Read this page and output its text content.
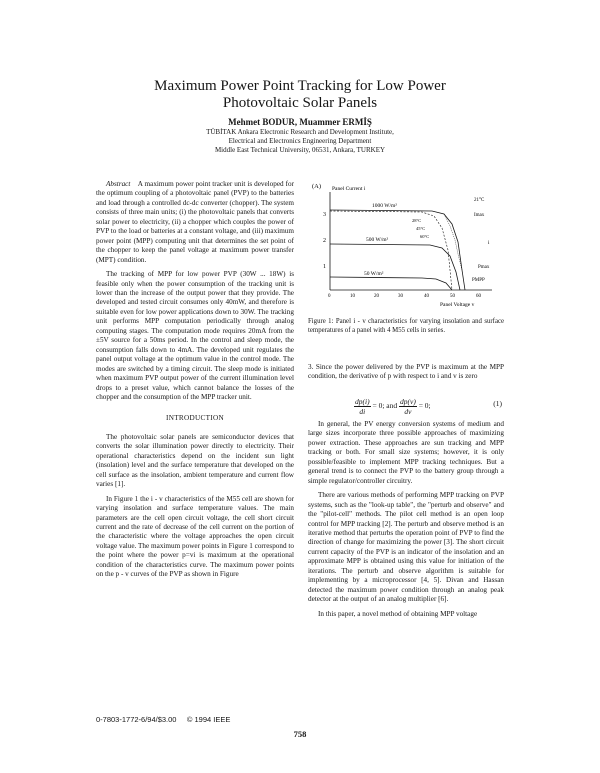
Maximum Power Point Tracking for Low Power
Photovoltaic Solar Panels
Mehmet BODUR, Muammer ERMİŞ
TÜBİTAK Ankara Electronic Research and Development Institute,
Electrical and Electronics Engineering Department
Middle East Technical University, 06531, Ankara, TURKEY

Abstract A maximum power point tracker unit is developed for the optimum coupling of a photovoltaic panel (PVP) to the batteries and load through a controlled dc-dc converter (chopper). The system consists of three main units; (i) the photovoltaic panels that converts solar power to electricity, (ii) a chopper which couples the power of PVP to the load or batteries at a constant voltage, and (iii) maximum power point (MPP) computing unit that determines the set point of the chopper to keep the panel voltage at maximum power transfer (MPT) condition.

The tracking of MPP for low power PVP (30W ... 18W) is feasible only when the power consumption of the tracking unit is lower than the increase of the output power that they provide. The developed and tested circuit consumes only 40mW, and therefore is suitable even for low power applications down to 30W. The tracking unit performs MPP computation periodically through analog computing stages. The computation mode requires 20mA from the ±5V source for a 50ms period. In the control and sleep mode, the consumption falls down to 4mA. The developed unit regulates the panel output voltage at the optimum value in the control mode. The modes are switched by a timing circuit. The sleep mode is initiated when maximum PVP output power of the current illumination level drops to a preset value, which cannot balance the losses of the chopper and the consumption of the MPP tracker unit.

INTRODUCTION

The photovoltaic solar panels are semiconductor devices that converts the solar illumination power directly to electricity. Their operational characteristics depend on the incident sun light (insolation) level and the surface temperature that developed on the cell surface as the insolation, ambient temperature and current flow varies [1].

In Figure 1 the i - v characteristics of the M55 cell are shown for varying insolation and surface temperature values. The main parameters are the cell open circuit voltage, the cell short circuit current and the rate of decrease of the cell current on the portion of the characteristic where the voltage approaches the open circuit voltage value. The maximum power points in Figure 1 correspond to the point where the power p=vi is maximum at the operational condition of the characteristics curve. The maximum power points on the p - v curves of the PVP as shown in Figure

(A) Panel Current i
3
2
1
1000 W/m²
500 W/m²
50 W/m²
21°C
28°C
45°C
60°C
Imax
i
Pmax
PMPP
0	10	20	30	40	50	60
Panel Voltage v
Figure 1: Panel i - v characteristics for varying insolation and surface temperatures of a panel with 4 M55 cells in series.

3. Since the power delivered by the PVP is maximum at the MPP condition, the derivative of p with respect to i and v is zero

$\frac{dp(i)}{di} = 0$; and $\frac{dp(v)}{dv} = 0$;	(1)

In general, the PV energy conversion systems of medium and large sizes incorporate three possible approaches of maximizing power extraction. These approaches are sun tracking and MPP tracking or both. For small size systems; however, it is only possible/feasible to implement MPP tracking techniques. But a general trend is to connect the PVP to the battery group through a simple regulator/controller circuitry.

There are various methods of performing MPP tracking on PVP systems, such as the "look-up table", the "perturb and observe" and the "pilot-cell" methods. The pilot cell method is an open loop control for MPP tracking [2]. The perturb and observe method is an iterative method that perturbs the operation point of PVP to find the direction of change for maximizing the power [3]. The short circuit current capacity of the PVP is an indicator of the insolation and an approximate MPP is obtained using this value for initiation of the iterations. The perturb and observe algorithm is suitable for implementing by a microprocessor [4, 5]. Divan and Hassan detected the maximum power condition through an analog peak detector at the output of an analog multiplier [6].

In this paper, a novel method of obtaining MPP voltage

0-7803-1772-6/94/$3.00 © 1994 IEEE
758
